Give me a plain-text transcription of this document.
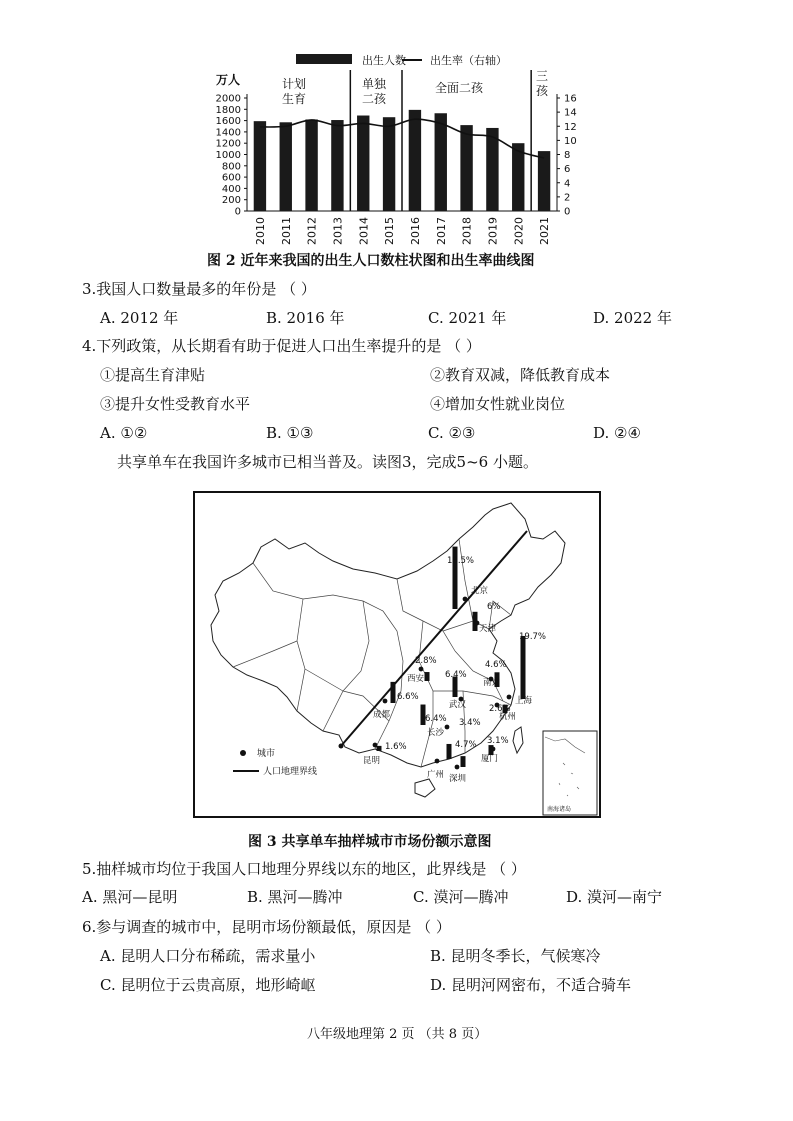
出生人数 出生率（右轴）
万人
0
200
400
600
800
1000
1200
1400
1600
1800
2000
0
2
4
6
8
10
12
14
16
2010 2011 2012 2013 2014 2015 2016 2017 2018 2019 2020 2021
计划
生育
单独
二孩
全面二孩
三
孩
图 2 近年来我国的出生人口数柱状图和出生率曲线图
3.我国人口数量最多的年份是 （ ）
A. 2012 年	B. 2016 年	C. 2021 年	D. 2022 年
4.下列政策，从长期看有助于促进人口出生率提升的是 （ ）
①提高生育津贴	②教育双减，降低教育成本
③提升女性受教育水平	④增加女性就业岗位
A. ①②	B. ①③	C. ②③	D. ②④
共享单车在我国许多城市已相当普及。读图3，完成5~6 小题。
南海诸岛
城市
人口地理界线
北京
19.5%
天津
6%
上海
19.7%
西安
2.8%
南京
4.6%
成都
6.6%
武汉
6.4%
杭州
2.6%
长沙
6.4%
昆明
1.6%
广州
4.7%
深圳
3.4%
厦门
3.1%
图 3 共享单车抽样城市市场份额示意图
5.抽样城市均位于我国人口地理分界线以东的地区，此界线是 （ ）
A. 黑河—昆明	B. 黑河—腾冲	C. 漠河—腾冲	D. 漠河—南宁
6.参与调查的城市中，昆明市场份额最低，原因是 （ ）
A. 昆明人口分布稀疏，需求量小	B. 昆明冬季长，气候寒冷
C. 昆明位于云贵高原，地形崎岖	D. 昆明河网密布，不适合骑车
八年级地理第 2 页 （共 8 页）
